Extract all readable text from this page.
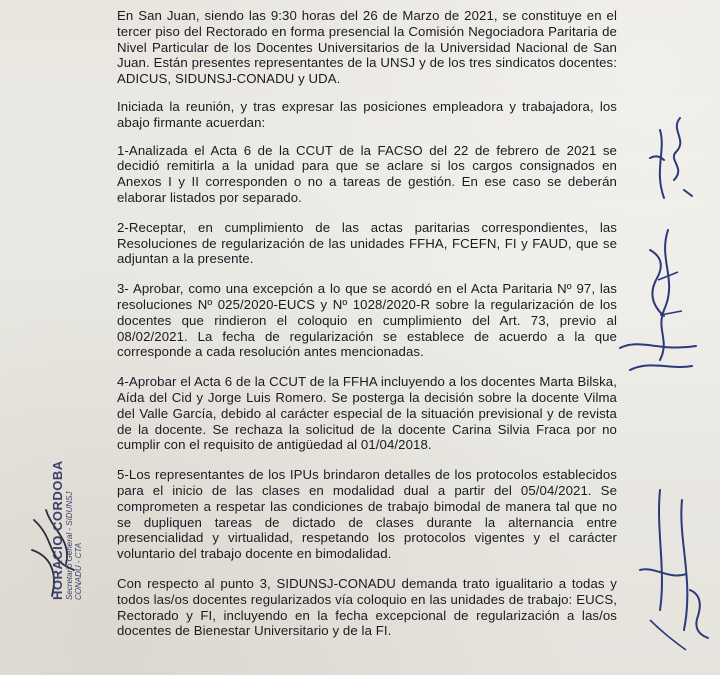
En San Juan, siendo las 9:30 horas del 26 de Marzo de 2021, se constituye en el tercer piso del Rectorado en forma presencial la Comisión Negociadora Paritaria de Nivel Particular de los Docentes Universitarios de la Universidad Nacional de San Juan. Están presentes representantes de la UNSJ y de los tres sindicatos docentes: ADICUS, SIDUNSJ-CONADU y UDA.

Iniciada la reunión, y tras expresar las posiciones empleadora y trabajadora, los abajo firmante acuerdan:

1-Analizada el Acta 6 de la CCUT de la FACSO del 22 de febrero de 2021 se decidió remitirla a la unidad para que se aclare si los cargos consignados en Anexos I y II corresponden o no a tareas de gestión. En ese caso se deberán elaborar listados por separado.

2-Receptar, en cumplimiento de las actas paritarias correspondientes, las Resoluciones de regularización de las unidades FFHA, FCEFN, FI y FAUD, que se adjuntan a la presente.

3- Aprobar, como una excepción a lo que se acordó en el Acta Paritaria Nº 97, las resoluciones Nº 025/2020-EUCS y Nº 1028/2020-R sobre la regularización de los docentes que rindieron el coloquio en cumplimiento del Art. 73, previo al 08/02/2021. La fecha de regularización se establece de acuerdo a la que corresponde a cada resolución antes mencionadas.

4-Aprobar el Acta 6 de la CCUT de la FFHA incluyendo a los docentes Marta Bilska, Aída del Cid y Jorge Luis Romero. Se posterga la decisión sobre la docente Vilma del Valle García, debido al carácter especial de la situación previsional y de revista de la docente. Se rechaza la solicitud de la docente Carina Silvia Fraca por no cumplir con el requisito de antigüedad al 01/04/2018.

5-Los representantes de los IPUs brindaron detalles de los protocolos establecidos para el inicio de las clases en modalidad dual a partir del 05/04/2021. Se comprometen a respetar las condiciones de trabajo bimodal de manera tal que no se dupliquen tareas de dictado de clases durante la alternancia entre presencialidad y virtualidad, respetando los protocolos vigentes y el carácter voluntario del trabajo docente en bimodalidad.

Con respecto al punto 3, SIDUNSJ-CONADU demanda trato igualitario a todas y todos las/os docentes regularizados vía coloquio en las unidades de trabajo: EUCS, Rectorado y FI, incluyendo en la fecha excepcional de regularización a las/os docentes de Bienestar Universitario y de la FI.

HORACIO CORDOBA Secretario General - SIDUNSJ CONADU - CTA
